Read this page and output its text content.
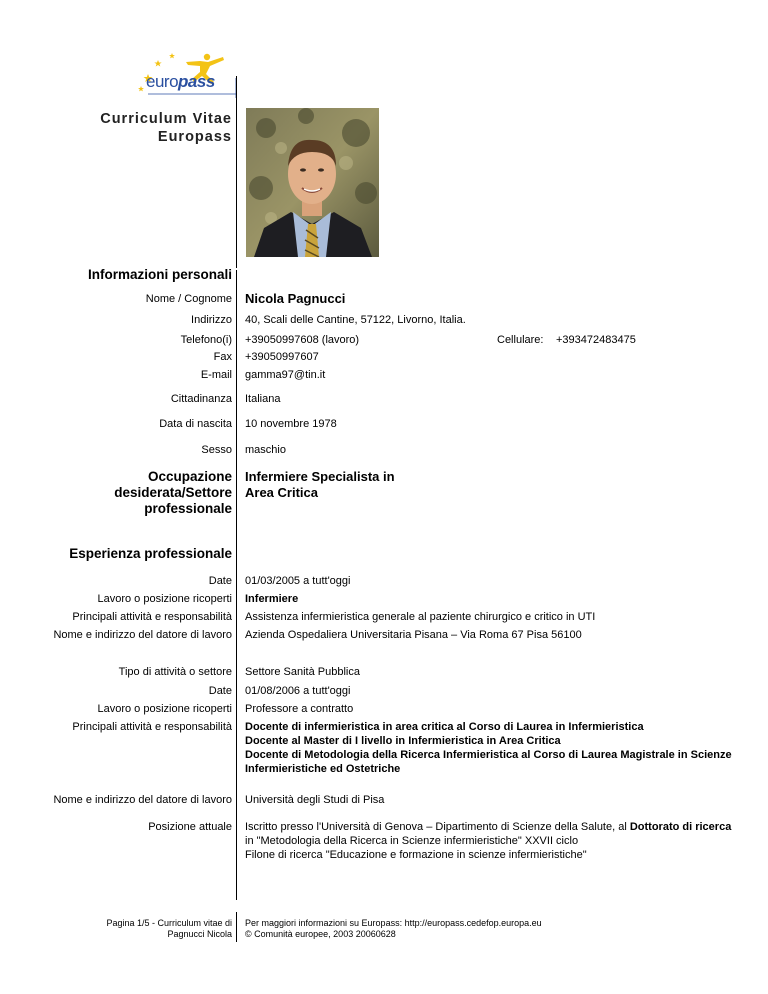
europass
Curriculum Vitae
Europass
Informazioni personali
Nome / Cognome Nicola Pagnucci
Indirizzo 40, Scali delle Cantine, 57122, Livorno, Italia.
Telefono(i) +39050997608 (lavoro)	Cellulare: +393472483475
Fax +39050997607
E-mail gamma97@tin.it
Cittadinanza Italiana
Data di nascita 10 novembre 1978
Sesso maschio
Occupazione
desiderata/Settore
professionale
Infermiere Specialista in
Area Critica
Esperienza professionale
Date 01/03/2005 a tutt'oggi
Lavoro o posizione ricoperti Infermiere
Principali attività e responsabilità Assistenza infermieristica generale al paziente chirurgico e critico in UTI
Nome e indirizzo del datore di lavoro Azienda Ospedaliera Universitaria Pisana – Via Roma 67 Pisa 56100
Tipo di attività o settore Settore Sanità Pubblica
Date 01/08/2006 a tutt'oggi
Lavoro o posizione ricoperti Professore a contratto
Principali attività e responsabilità Docente di infermieristica in area critica al Corso di Laurea in Infermieristica
Docente al Master di I livello in Infermieristica in Area Critica
Docente di Metodologia della Ricerca Infermieristica al Corso di Laurea Magistrale in Scienze
Infermieristiche ed Ostetriche
Nome e indirizzo del datore di lavoro Università degli Studi di Pisa
Posizione attuale Iscritto presso l'Università di Genova – Dipartimento di Scienze della Salute, al Dottorato di ricerca
in "Metodologia della Ricerca in Scienze infermieristiche" XXVII ciclo
Filone di ricerca "Educazione e formazione in scienze infermieristiche"
Pagina 1/5 - Curriculum vitae di
Pagnucci Nicola
Per maggiori informazioni su Europass: http://europass.cedefop.europa.eu
© Comunità europee, 2003 20060628
